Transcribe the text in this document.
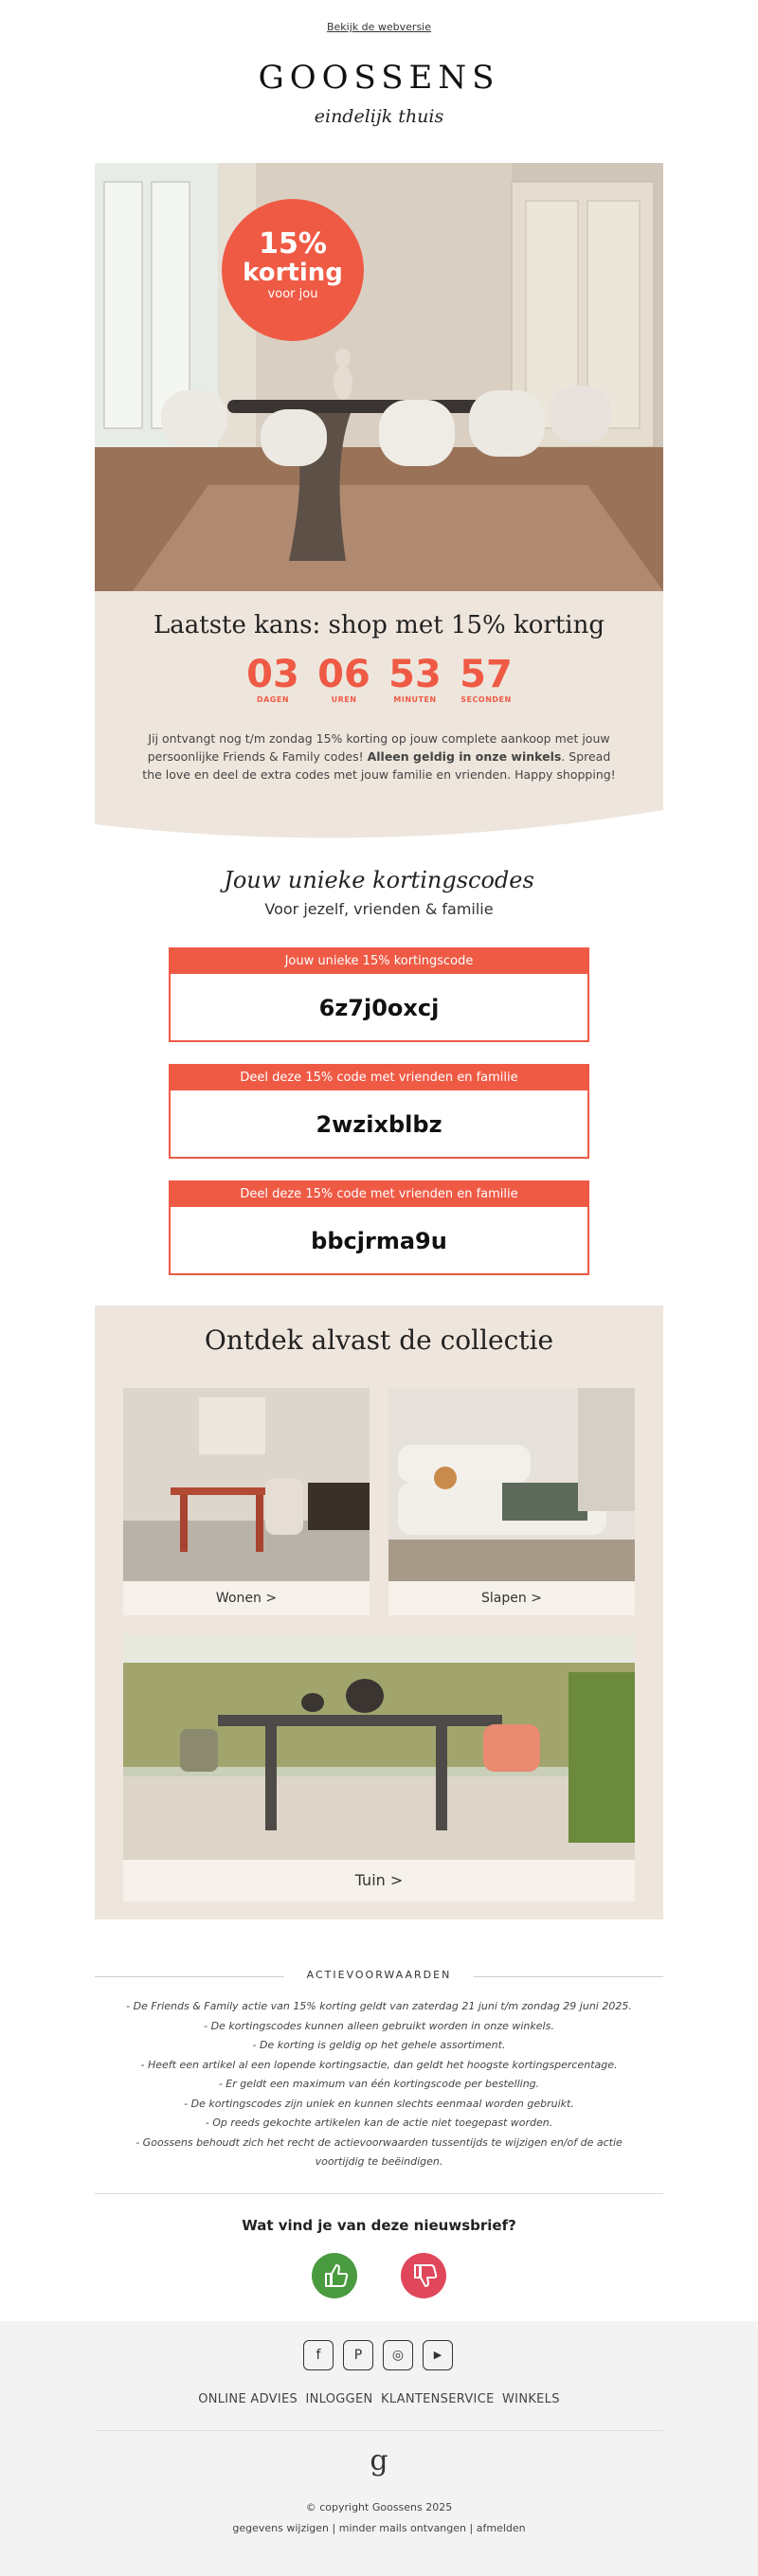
Bekijk de webversie
GOOSSENS
eindelijk thuis
15%
korting
voor jou
Laatste kans: shop met 15% korting
03
DAGEN
06
UREN
53
MINUTEN
57
SECONDEN
Jij ontvangt nog t/m zondag 15% korting op jouw complete aankoop met jouw persoonlijke Friends & Family codes! Alleen geldig in onze winkels. Spread the love en deel de extra codes met jouw familie en vrienden. Happy shopping!
Jouw unieke kortingscodes
Voor jezelf, vrienden & familie
Jouw unieke 15% kortingscode
6z7j0oxcj
Deel deze 15% code met vrienden en familie
2wzixblbz
Deel deze 15% code met vrienden en familie
bbcjrma9u
Ontdek alvast de collectie
Wonen >	Slapen >
Tuin >
ACTIEVOORWAARDEN
- De Friends & Family actie van 15% korting geldt van zaterdag 21 juni t/m zondag 29 juni 2025.
- De kortingscodes kunnen alleen gebruikt worden in onze winkels.
- De korting is geldig op het gehele assortiment.
- Heeft een artikel al een lopende kortingsactie, dan geldt het hoogste kortingspercentage.
- Er geldt een maximum van één kortingscode per bestelling.
- De kortingscodes zijn uniek en kunnen slechts eenmaal worden gebruikt.
- Op reeds gekochte artikelen kan de actie niet toegepast worden.
- Goossens behoudt zich het recht de actievoorwaarden tussentijds te wijzigen en/of de actie voortijdig te beëindigen.
Wat vind je van deze nieuwsbrief?
f	P	◎	▶
ONLINE ADVIES INLOGGEN KLANTENSERVICE WINKELS
g
© copyright Goossens 2025
gegevens wijzigen | minder mails ontvangen | afmelden
